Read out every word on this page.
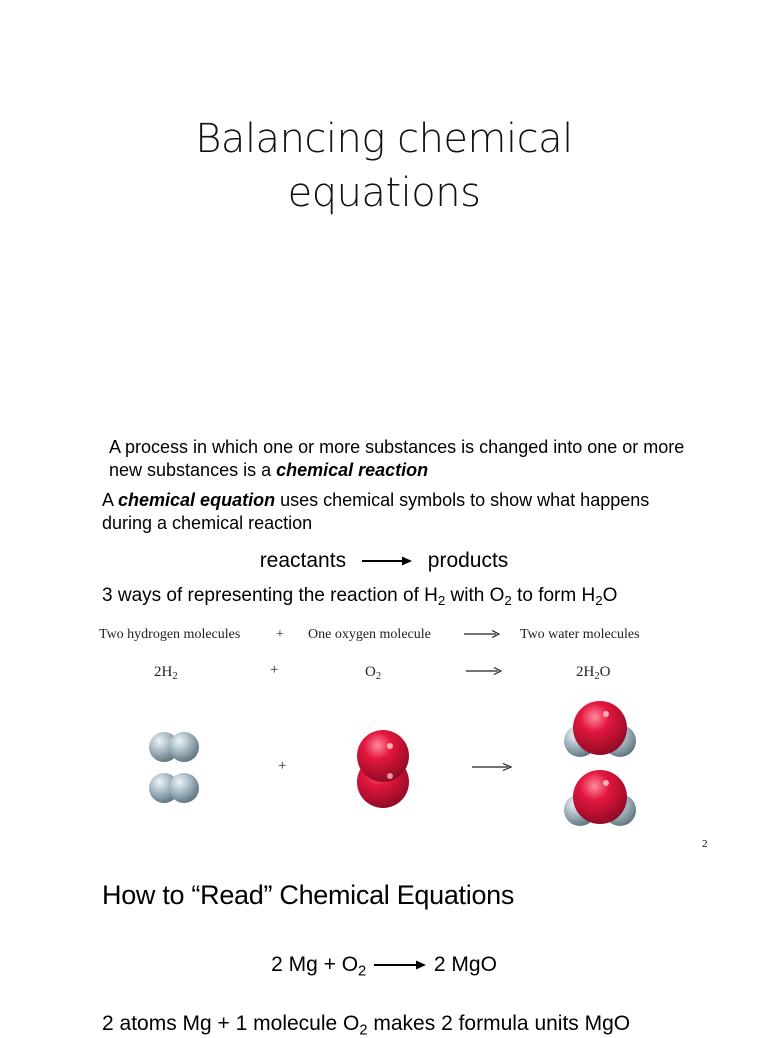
Balancing chemical
equations
A process in which one or more substances is changed into one or more new substances is a chemical reaction
A chemical equation uses chemical symbols to show what happens during a chemical reaction
reactants → products
3 ways of representing the reaction of $H_2$ with $O_2$ to form $H_2O$
Two hydrogen molecules	+ One oxygen molecule	Two water molecules
$2H_2$	+	$O_2$	$2H_2O$
+
2
How to “Read” Chemical Equations
2 $Mg + O_2$	2 MgO
2 atoms Mg + 1 molecule $O_2$ makes 2 formula units MgO
